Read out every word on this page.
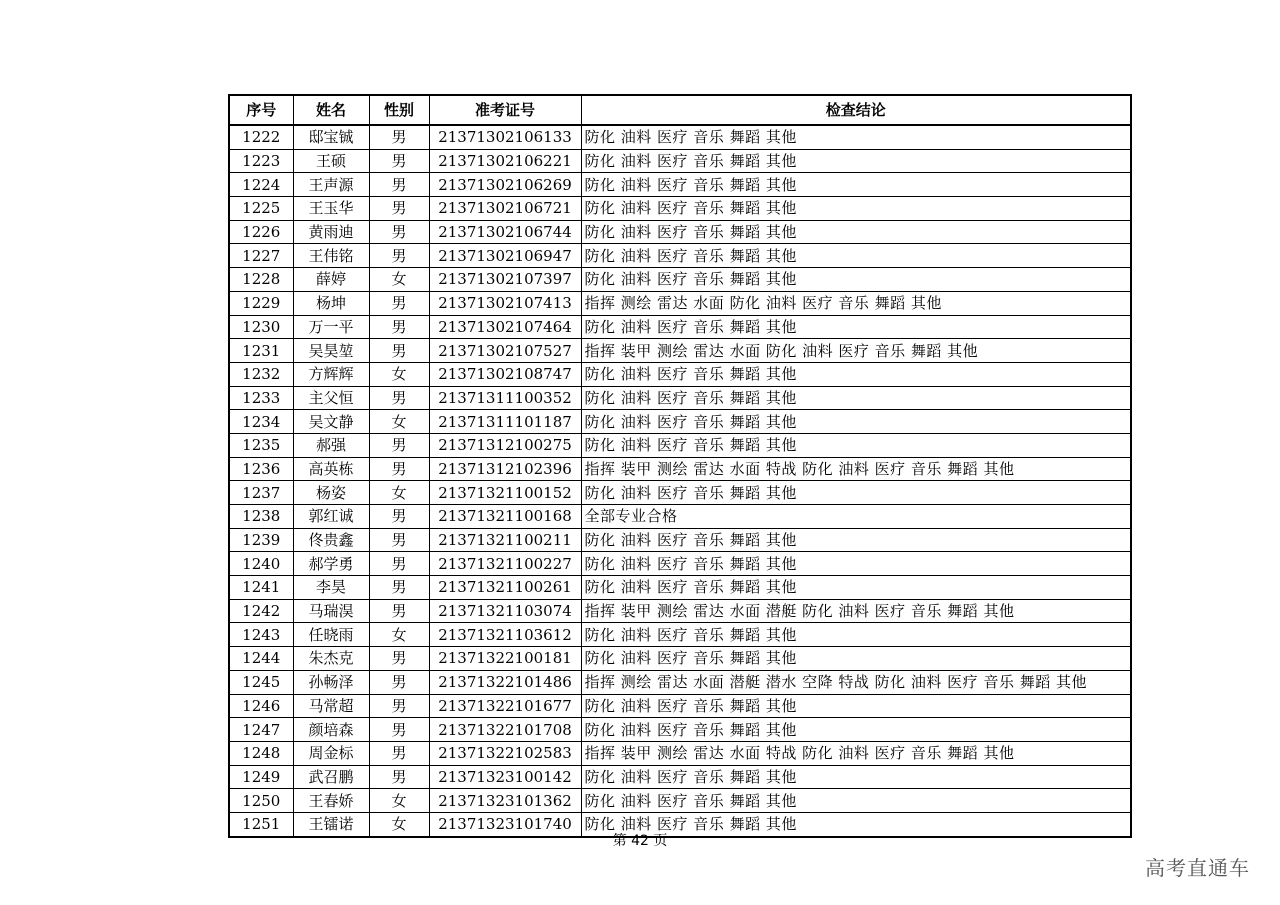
序号	姓名	性别	准考证号	检查结论
1222	邸宝铖	男	21371302106133	防化 油料 医疗 音乐 舞蹈 其他
1223	王硕	男	21371302106221	防化 油料 医疗 音乐 舞蹈 其他
1224	王声源	男	21371302106269	防化 油料 医疗 音乐 舞蹈 其他
1225	王玉华	男	21371302106721	防化 油料 医疗 音乐 舞蹈 其他
1226	黄雨迪	男	21371302106744	防化 油料 医疗 音乐 舞蹈 其他
1227	王伟铭	男	21371302106947	防化 油料 医疗 音乐 舞蹈 其他
1228	薛婷	女	21371302107397	防化 油料 医疗 音乐 舞蹈 其他
1229	杨坤	男	21371302107413	指挥 测绘 雷达 水面 防化 油料 医疗 音乐 舞蹈 其他
1230	万一平	男	21371302107464	防化 油料 医疗 音乐 舞蹈 其他
1231	吴昊堃	男	21371302107527	指挥 装甲 测绘 雷达 水面 防化 油料 医疗 音乐 舞蹈 其他
1232	方辉辉	女	21371302108747	防化 油料 医疗 音乐 舞蹈 其他
1233	主父恒	男	21371311100352	防化 油料 医疗 音乐 舞蹈 其他
1234	吴文静	女	21371311101187	防化 油料 医疗 音乐 舞蹈 其他
1235	郝强	男	21371312100275	防化 油料 医疗 音乐 舞蹈 其他
1236	高英栋	男	21371312102396	指挥 装甲 测绘 雷达 水面 特战 防化 油料 医疗 音乐 舞蹈 其他
1237	杨姿	女	21371321100152	防化 油料 医疗 音乐 舞蹈 其他
1238	郭红诚	男	21371321100168	全部专业合格
1239	佟贵鑫	男	21371321100211	防化 油料 医疗 音乐 舞蹈 其他
1240	郝学勇	男	21371321100227	防化 油料 医疗 音乐 舞蹈 其他
1241	李昊	男	21371321100261	防化 油料 医疗 音乐 舞蹈 其他
1242	马瑞淏	男	21371321103074	指挥 装甲 测绘 雷达 水面 潜艇 防化 油料 医疗 音乐 舞蹈 其他
1243	任晓雨	女	21371321103612	防化 油料 医疗 音乐 舞蹈 其他
1244	朱杰克	男	21371322100181	防化 油料 医疗 音乐 舞蹈 其他
1245	孙畅泽	男	21371322101486	指挥 测绘 雷达 水面 潜艇 潜水 空降 特战 防化 油料 医疗 音乐 舞蹈 其他
1246	马常超	男	21371322101677	防化 油料 医疗 音乐 舞蹈 其他
1247	颜培森	男	21371322101708	防化 油料 医疗 音乐 舞蹈 其他
1248	周金标	男	21371322102583	指挥 装甲 测绘 雷达 水面 特战 防化 油料 医疗 音乐 舞蹈 其他
1249	武召鹏	男	21371323100142	防化 油料 医疗 音乐 舞蹈 其他
1250	王春娇	女	21371323101362	防化 油料 医疗 音乐 舞蹈 其他
1251	王镭诺	女	21371323101740	防化 油料 医疗 音乐 舞蹈 其他
第 42 页
高考直通车
